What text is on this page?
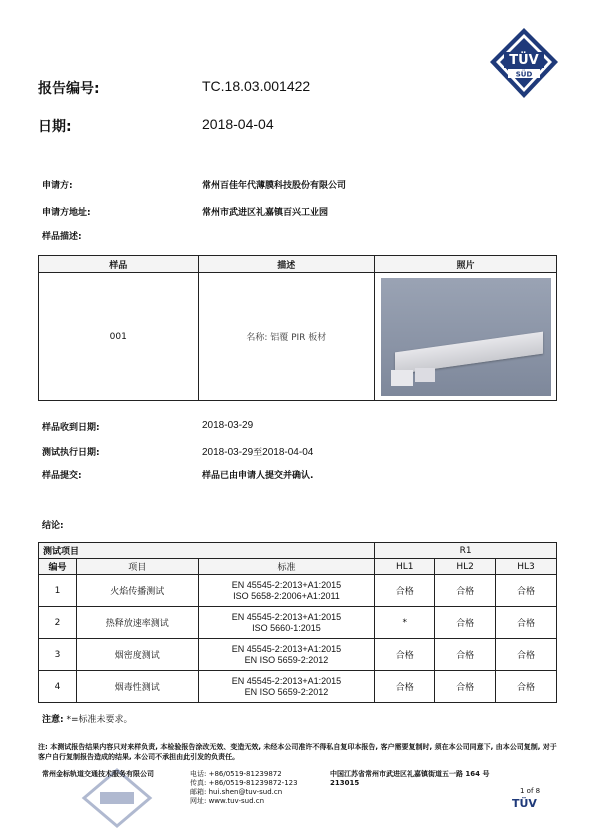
TÜV
SÜD
报告编号:	TC.18.03.001422
日期:	2018-04-04
申请方:	常州百佳年代薄膜科技股份有限公司
申请方地址:	常州市武进区礼嘉镇百兴工业园
样品描述:
样品	描述	照片
001	名称: 铝覆 PIR 板材	
样品收到日期:	2018-03-29
测试执行日期:	2018-03-29至2018-04-04
样品提交:	样品已由申请人提交并确认.
结论:
测试项目			R1		
编号	项目	标准	HL1	HL2	HL3
1	火焰传播测试	EN 45545-2:2013+A1:2015
ISO 5658-2:2006+A1:2011	合格	合格	合格
2	热释放速率测试	EN 45545-2:2013+A1:2015
ISO 5660-1:2015	*	合格	合格
3	烟密度测试	EN 45545-2:2013+A1:2015
EN ISO 5659-2:2012	合格	合格	合格
4	烟毒性测试	EN 45545-2:2013+A1:2015
EN ISO 5659-2:2012	合格	合格	合格
注意: *=标准未要求。
注: 本测试报告结果内容只对来样负责, 本检验报告涂改无效、变造无效, 未经本公司准许不得私自复印本报告, 客户需要复制时, 须在本公司同意下, 由本公司复制, 对于客户自行复制报告造成的结果, 本公司不承担由此引发的负责任。
常州金标轨道交通技术服务有限公司	电话: +86/0519-81239872
传真: +86/0519-81239872-123
邮箱: hui.shen@tuv-sud.cn
网址: www.tuv-sud.cn
中国江苏省常州市武进区礼嘉镇街道五一路 164 号
213015
1 of 8
TÜV
